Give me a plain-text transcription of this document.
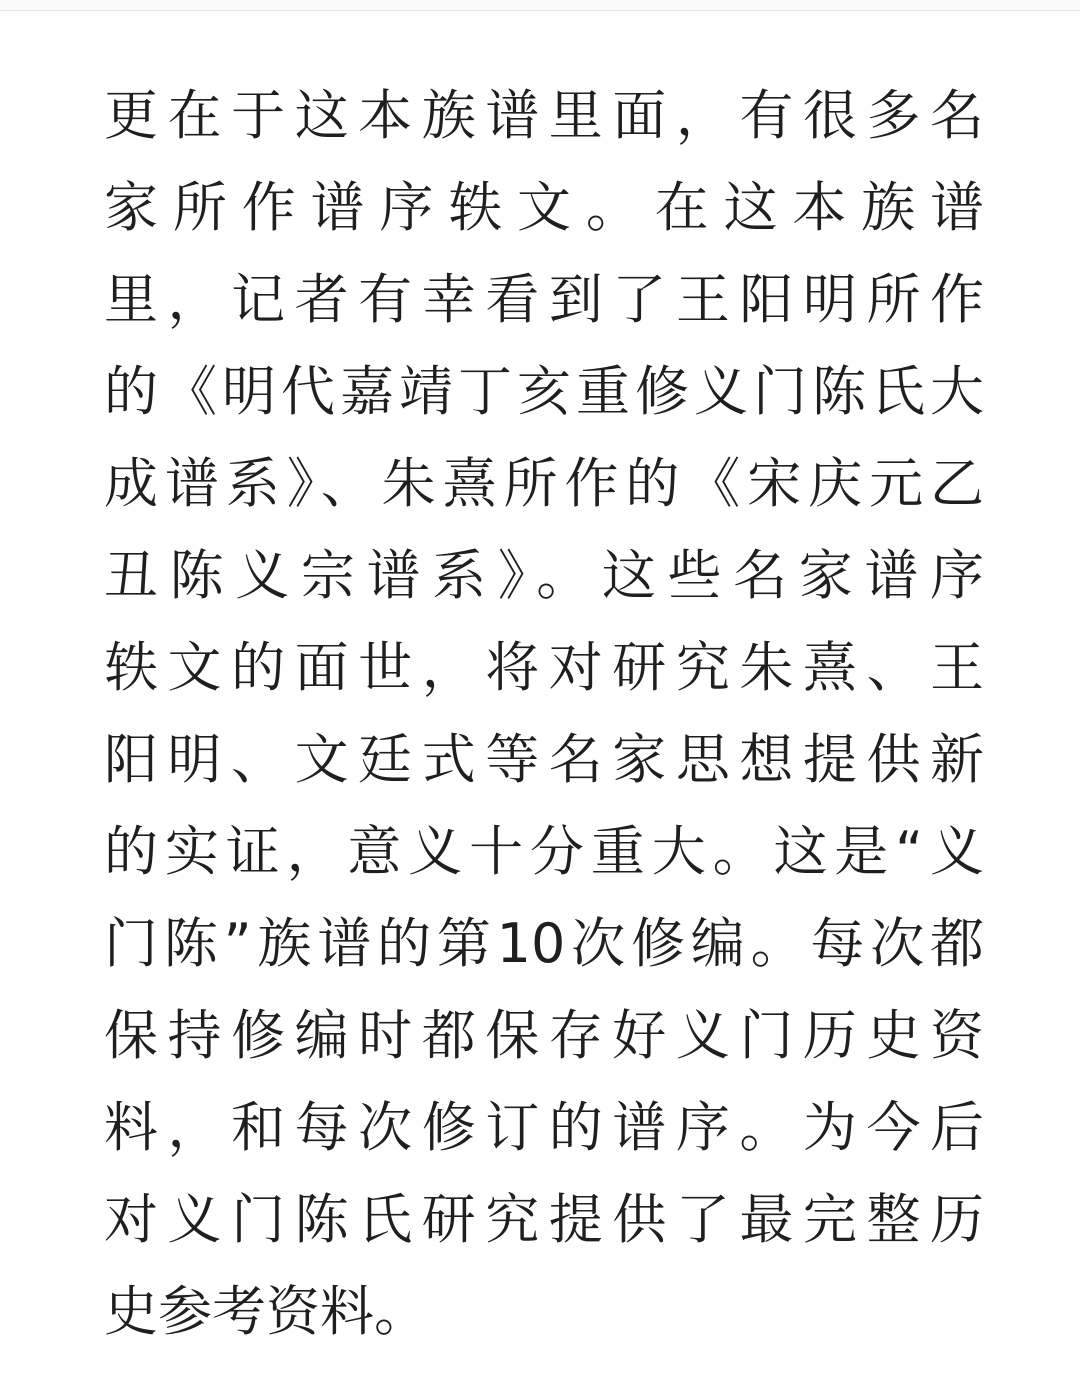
更在于这本族谱里面，有很多名
家所作谱序轶文。在这本族谱
里，记者有幸看到了王阳明所作
的《明代嘉靖丁亥重修义门陈氏大
成谱系》、朱熹所作的《宋庆元乙
丑陈义宗谱系》。这些名家谱序
轶文的面世，将对研究朱熹、王
阳明、文廷式等名家思想提供新
的实证，意义十分重大。这是“义
门陈”族谱的第10次修编。每次都
保持修编时都保存好义门历史资
料，和每次修订的谱序。为今后
对义门陈氏研究提供了最完整历
史参考资料。
